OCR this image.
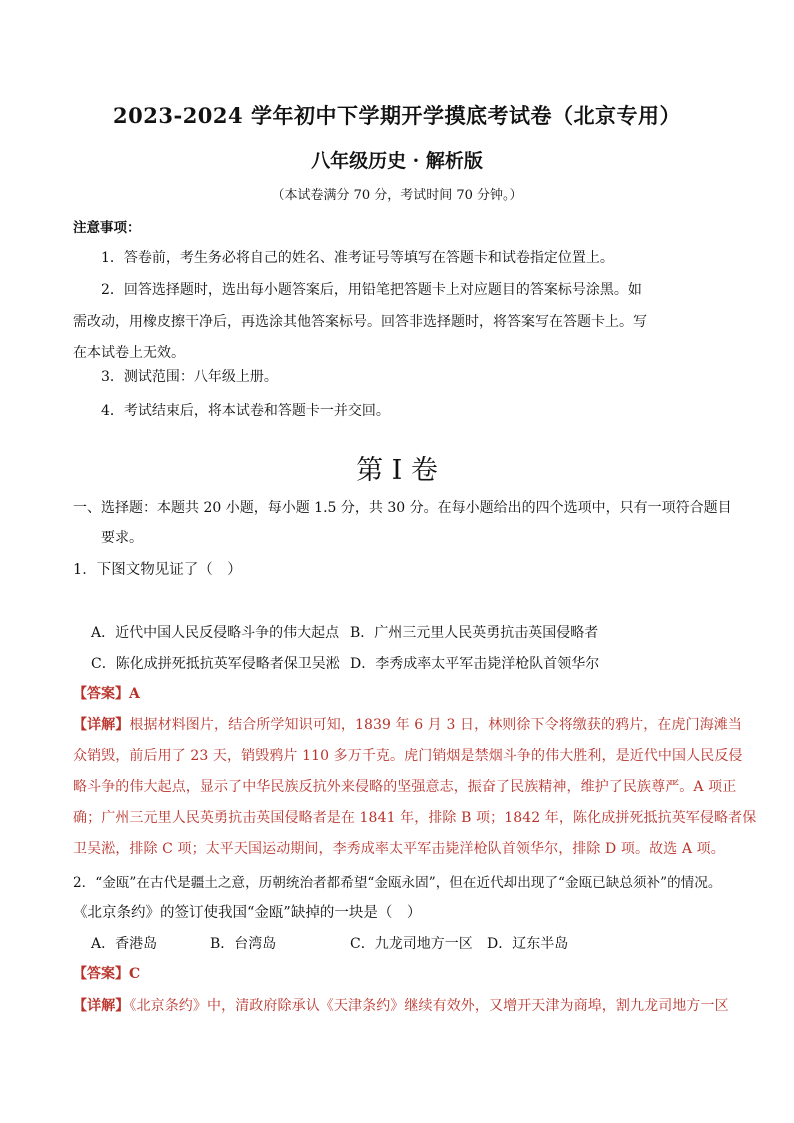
2023-2024 学年初中下学期开学摸底考试卷（北京专用）
八年级历史 · 解析版
（本试卷满分 70 分，考试时间 70 分钟。）
注意事项：
1．答卷前，考生务必将自己的姓名、准考证号等填写在答题卡和试卷指定位置上。
2．回答选择题时，选出每小题答案后，用铅笔把答题卡上对应题目的答案标号涂黑。如
需改动，用橡皮擦干净后，再选涂其他答案标号。回答非选择题时，将答案写在答题卡上。写
在本试卷上无效。
3．测试范围：八年级上册。
4．考试结束后，将本试卷和答题卡一并交回。
第 I 卷
一、选择题：本题共 20 小题，每小题 1.5 分，共 30 分。在每小题给出的四个选项中，只有一项符合题目
要求。
1．下图文物见证了（　）
A．近代中国人民反侵略斗争的伟大起点 B．广州三元里人民英勇抗击英国侵略者
C．陈化成拼死抵抗英军侵略者保卫吴淞 D．李秀成率太平军击毙洋枪队首领华尔
【答案】A
【详解】根据材料图片，结合所学知识可知，1839 年 6 月 3 日，林则徐下令将缴获的鸦片，在虎门海滩当
众销毁，前后用了 23 天，销毁鸦片 110 多万千克。虎门销烟是禁烟斗争的伟大胜利，是近代中国人民反侵
略斗争的伟大起点，显示了中华民族反抗外来侵略的坚强意志，振奋了民族精神，维护了民族尊严。A 项正
确；广州三元里人民英勇抗击英国侵略者是在 1841 年，排除 B 项；1842 年，陈化成拼死抵抗英军侵略者保
卫吴淞，排除 C 项；太平天国运动期间，李秀成率太平军击毙洋枪队首领华尔，排除 D 项。故选 A 项。
2．“金瓯”在古代是疆土之意，历朝统治者都希望“金瓯永固”，但在近代却出现了“金瓯已缺总须补”的情况。
《北京条约》的签订使我国“金瓯”缺掉的一块是（　）
A．香港岛	B．台湾岛	C．九龙司地方一区 D．辽东半岛
【答案】C
【详解】《北京条约》中，清政府除承认《天津条约》继续有效外，又增开天津为商埠，割九龙司地方一区
